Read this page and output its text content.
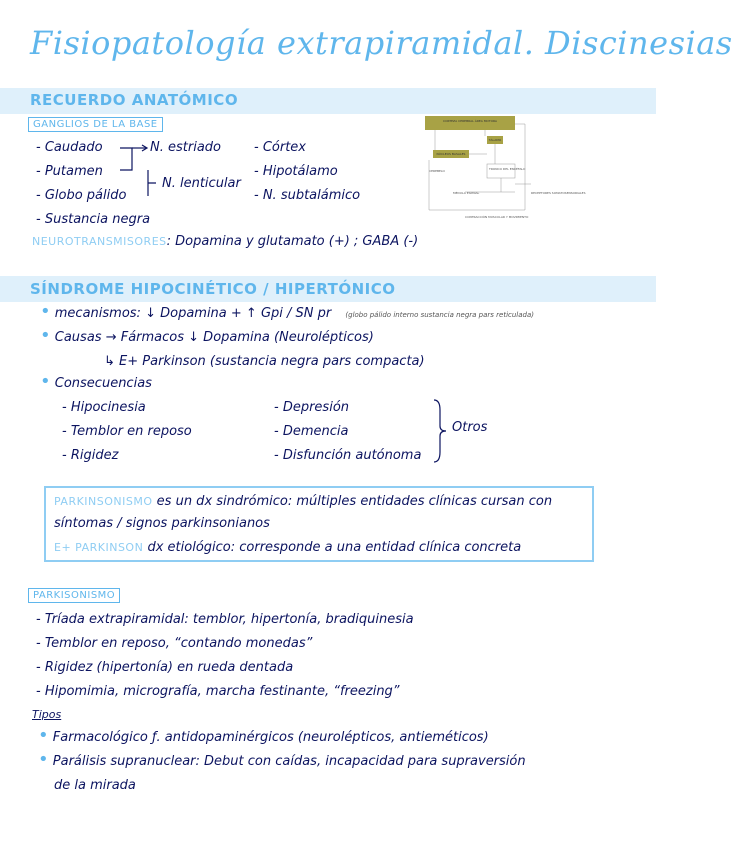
Fisiopatología extrapiramidal. Discinesias
RECUERDO ANATÓMICO
GANGLIOS DE LA BASE
- Caudado
- Putamen
- Globo pálido
- Sustancia negra
N. estriado
N. lenticular
- Córtex
- Hipotálamo
- N. subtalámico
NEUROTRANSMISORES: Dopamina y glutamato (+) ; GABA (-)
CORTEZA CEREBRAL ÁREA MOTORA
NÚCLEOS BASALES
TÁLAMO
CEREBELO	TRONCO DEL ENCÉFALO
MÉDULA ESPINAL	RECEPTORES SOMATOSENSORIALES
CONTRACCIÓN MUSCULAR Y MOVIMIENTO
SÍNDROME HIPOCINÉTICO / HIPERTÓNICO
• mecanismos: ↓ Dopamina + ↑ Gpi / SN pr (globo pálido interno sustancia negra pars reticulada)
• Causas → Fármacos ↓ Dopamina (Neurolépticos)
↳ E+ Parkinson (sustancia negra pars compacta)
• Consecuencias
- Hipocinesia
- Temblor en reposo
- Rigidez
- Depresión
- Demencia
- Disfunción autónoma
Otros
PARKINSONISMO es un dx sindrómico: múltiples entidades clínicas cursan con
síntomas / signos parkinsonianos
E+ PARKINSON dx etiológico: corresponde a una entidad clínica concreta
PARKISONISMO
- Tríada extrapiramidal: temblor, hipertonía, bradiquinesia
- Temblor en reposo, “contando monedas”
- Rigidez (hipertonía) en rueda dentada
- Hipomimia, micrografía, marcha festinante, “freezing”
Tipos
• Farmacológico ƒ. antidopaminérgicos (neurolépticos, antieméticos)
• Parálisis supranuclear: Debut con caídas, incapacidad para supraversión
de la mirada
